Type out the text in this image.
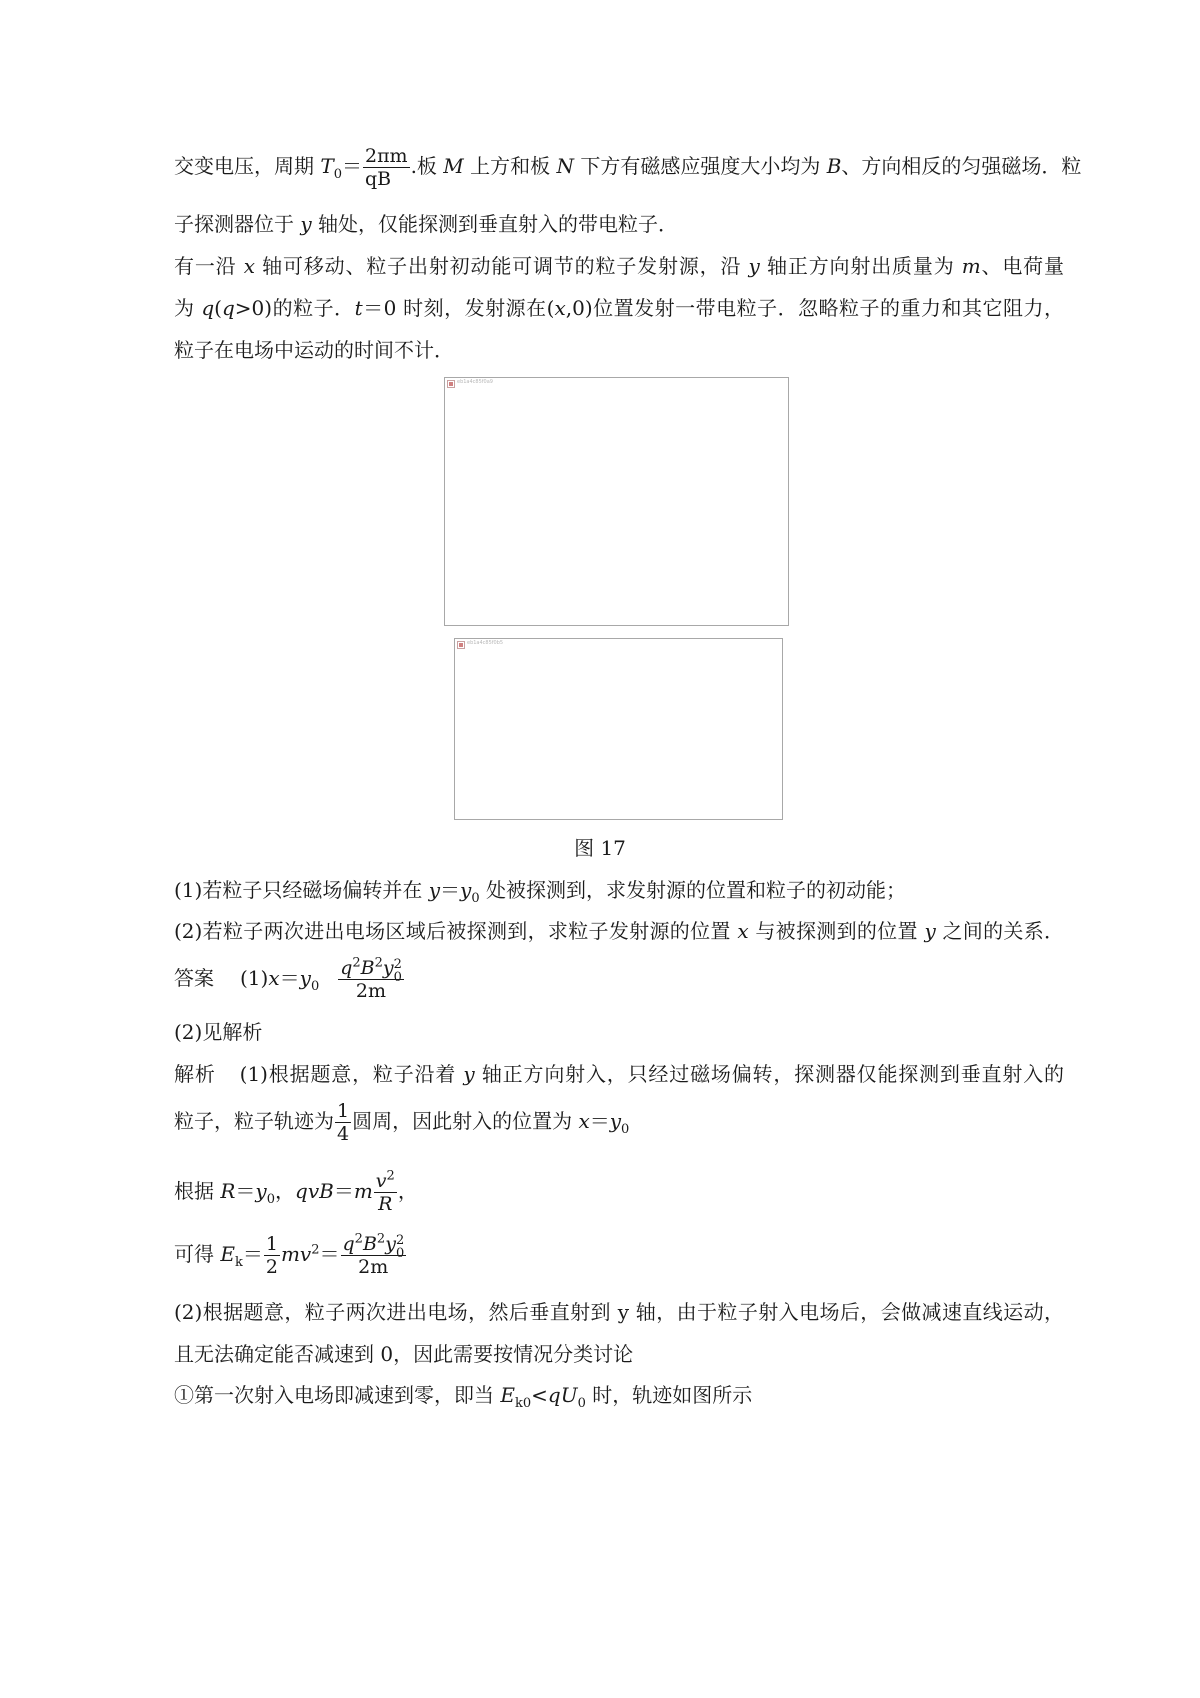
交变电压，周期 $T_0= \frac{2\pi m}{qB}$ .板 M 上方和板 N 下方有磁感应强度大小均为 B、方向相反的匀强磁场．粒
子探测器位于 y 轴处，仅能探测到垂直射入的带电粒子．
有一沿 x 轴可移动、粒子出射初动能可调节的粒子发射源，沿 y 轴正方向射出质量为 m、电荷量
为 q(q>0)的粒子．t＝0 时刻，发射源在(x,0)位置发射一带电粒子．忽略粒子的重力和其它阻力，
粒子在电场中运动的时间不计．
eb1a4c85f0a9
eb1a4c85f0b5
图 17
(1)若粒子只经磁场偏转并在 $y=y_0$ 处被探测到，求发射源的位置和粒子的初动能；
(2)若粒子两次进出电场区域后被探测到，求粒子发射源的位置 x 与被探测到的位置 y 之间的关系．
答案 $(1)x=y_0$ $q^2B^2y$ 2
0
2m
(2)见解析
解析 (1)根据题意，粒子沿着 y 轴正方向射入，只经过磁场偏转，探测器仅能探测到垂直射入的
粒子，粒子轨迹为 $\frac{1}{4}$ 圆周，因此射入的位置为 $x=y_0$
根据 $R=y_0$，$qvB=m \frac{v^2}{R}$ ，
可得 $E_k= \frac{1}{2} mv^2= q^2B^2y$ 2
0
2m
(2)根据题意，粒子两次进出电场，然后垂直射到 y 轴，由于粒子射入电场后，会做减速直线运动，
且无法确定能否减速到 0，因此需要按情况分类讨论
①第一次射入电场即减速到零，即当 $E_{k0}<qU_0$ 时，轨迹如图所示
